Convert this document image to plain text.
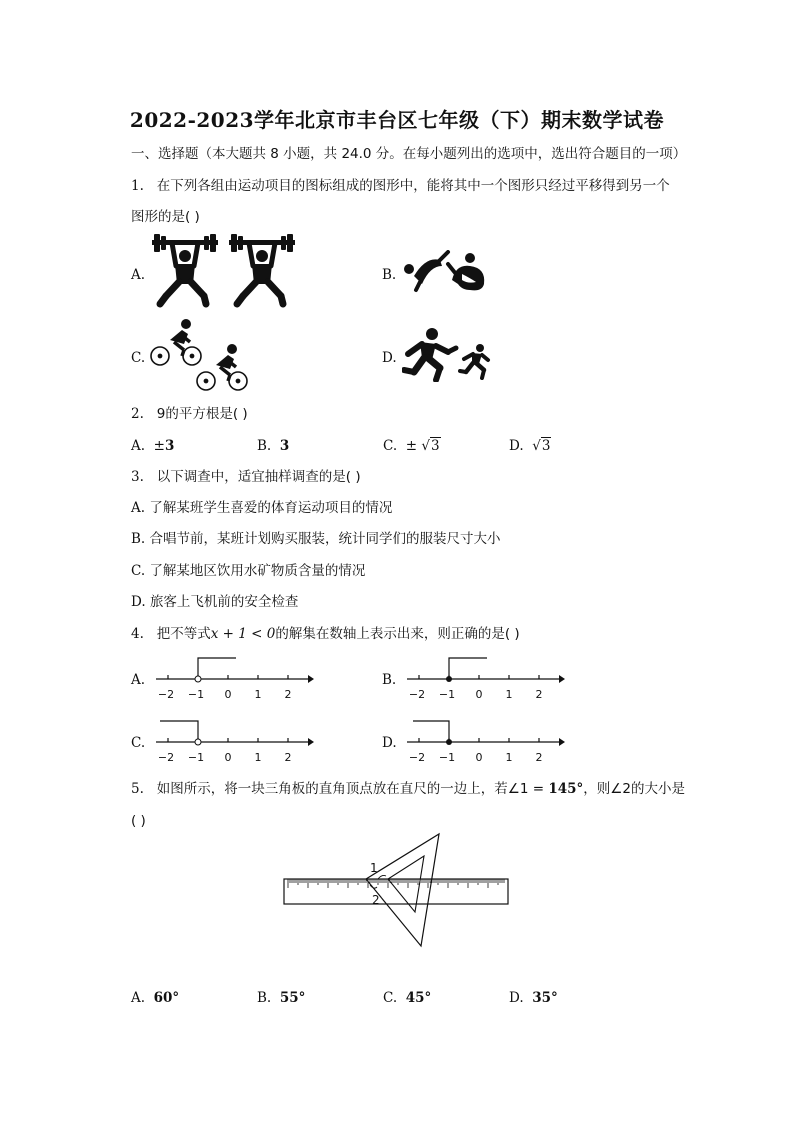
2022-2023学年北京市丰台区七年级（下）期末数学试卷
一、选择题（本大题共 8 小题，共 24.0 分。在每小题列出的选项中，选出符合题目的一项）
1. 在下列各组由运动项目的图标组成的图形中，能将其中一个图形只经过平移得到另一个
图形的是( )
A.	B.
C.	D.
2. 9的平方根是( )
A. ±3	B. 3	C. ± √3	D. √3
3. 以下调查中，适宜抽样调查的是( )
A. 了解某班学生喜爱的体育运动项目的情况
B. 合唱节前，某班计划购买服装，统计同学们的服装尺寸大小
C. 了解某地区饮用水矿物质含量的情况
D. 旅客上飞机前的安全检查
4. 把不等式x + 1 < 0的解集在数轴上表示出来，则正确的是( )
A.	B.
C.	D.
−2 −1 0 1 2	−2 −1 0 1 2
−2 −1 0 1 2	−2 −1 0 1 2
5. 如图所示，将一块三角板的直角顶点放在直尺的一边上，若∠1 = 145°，则∠2的大小是
( )
1
2
A. 60°	B. 55°	C. 45°	D. 35°
